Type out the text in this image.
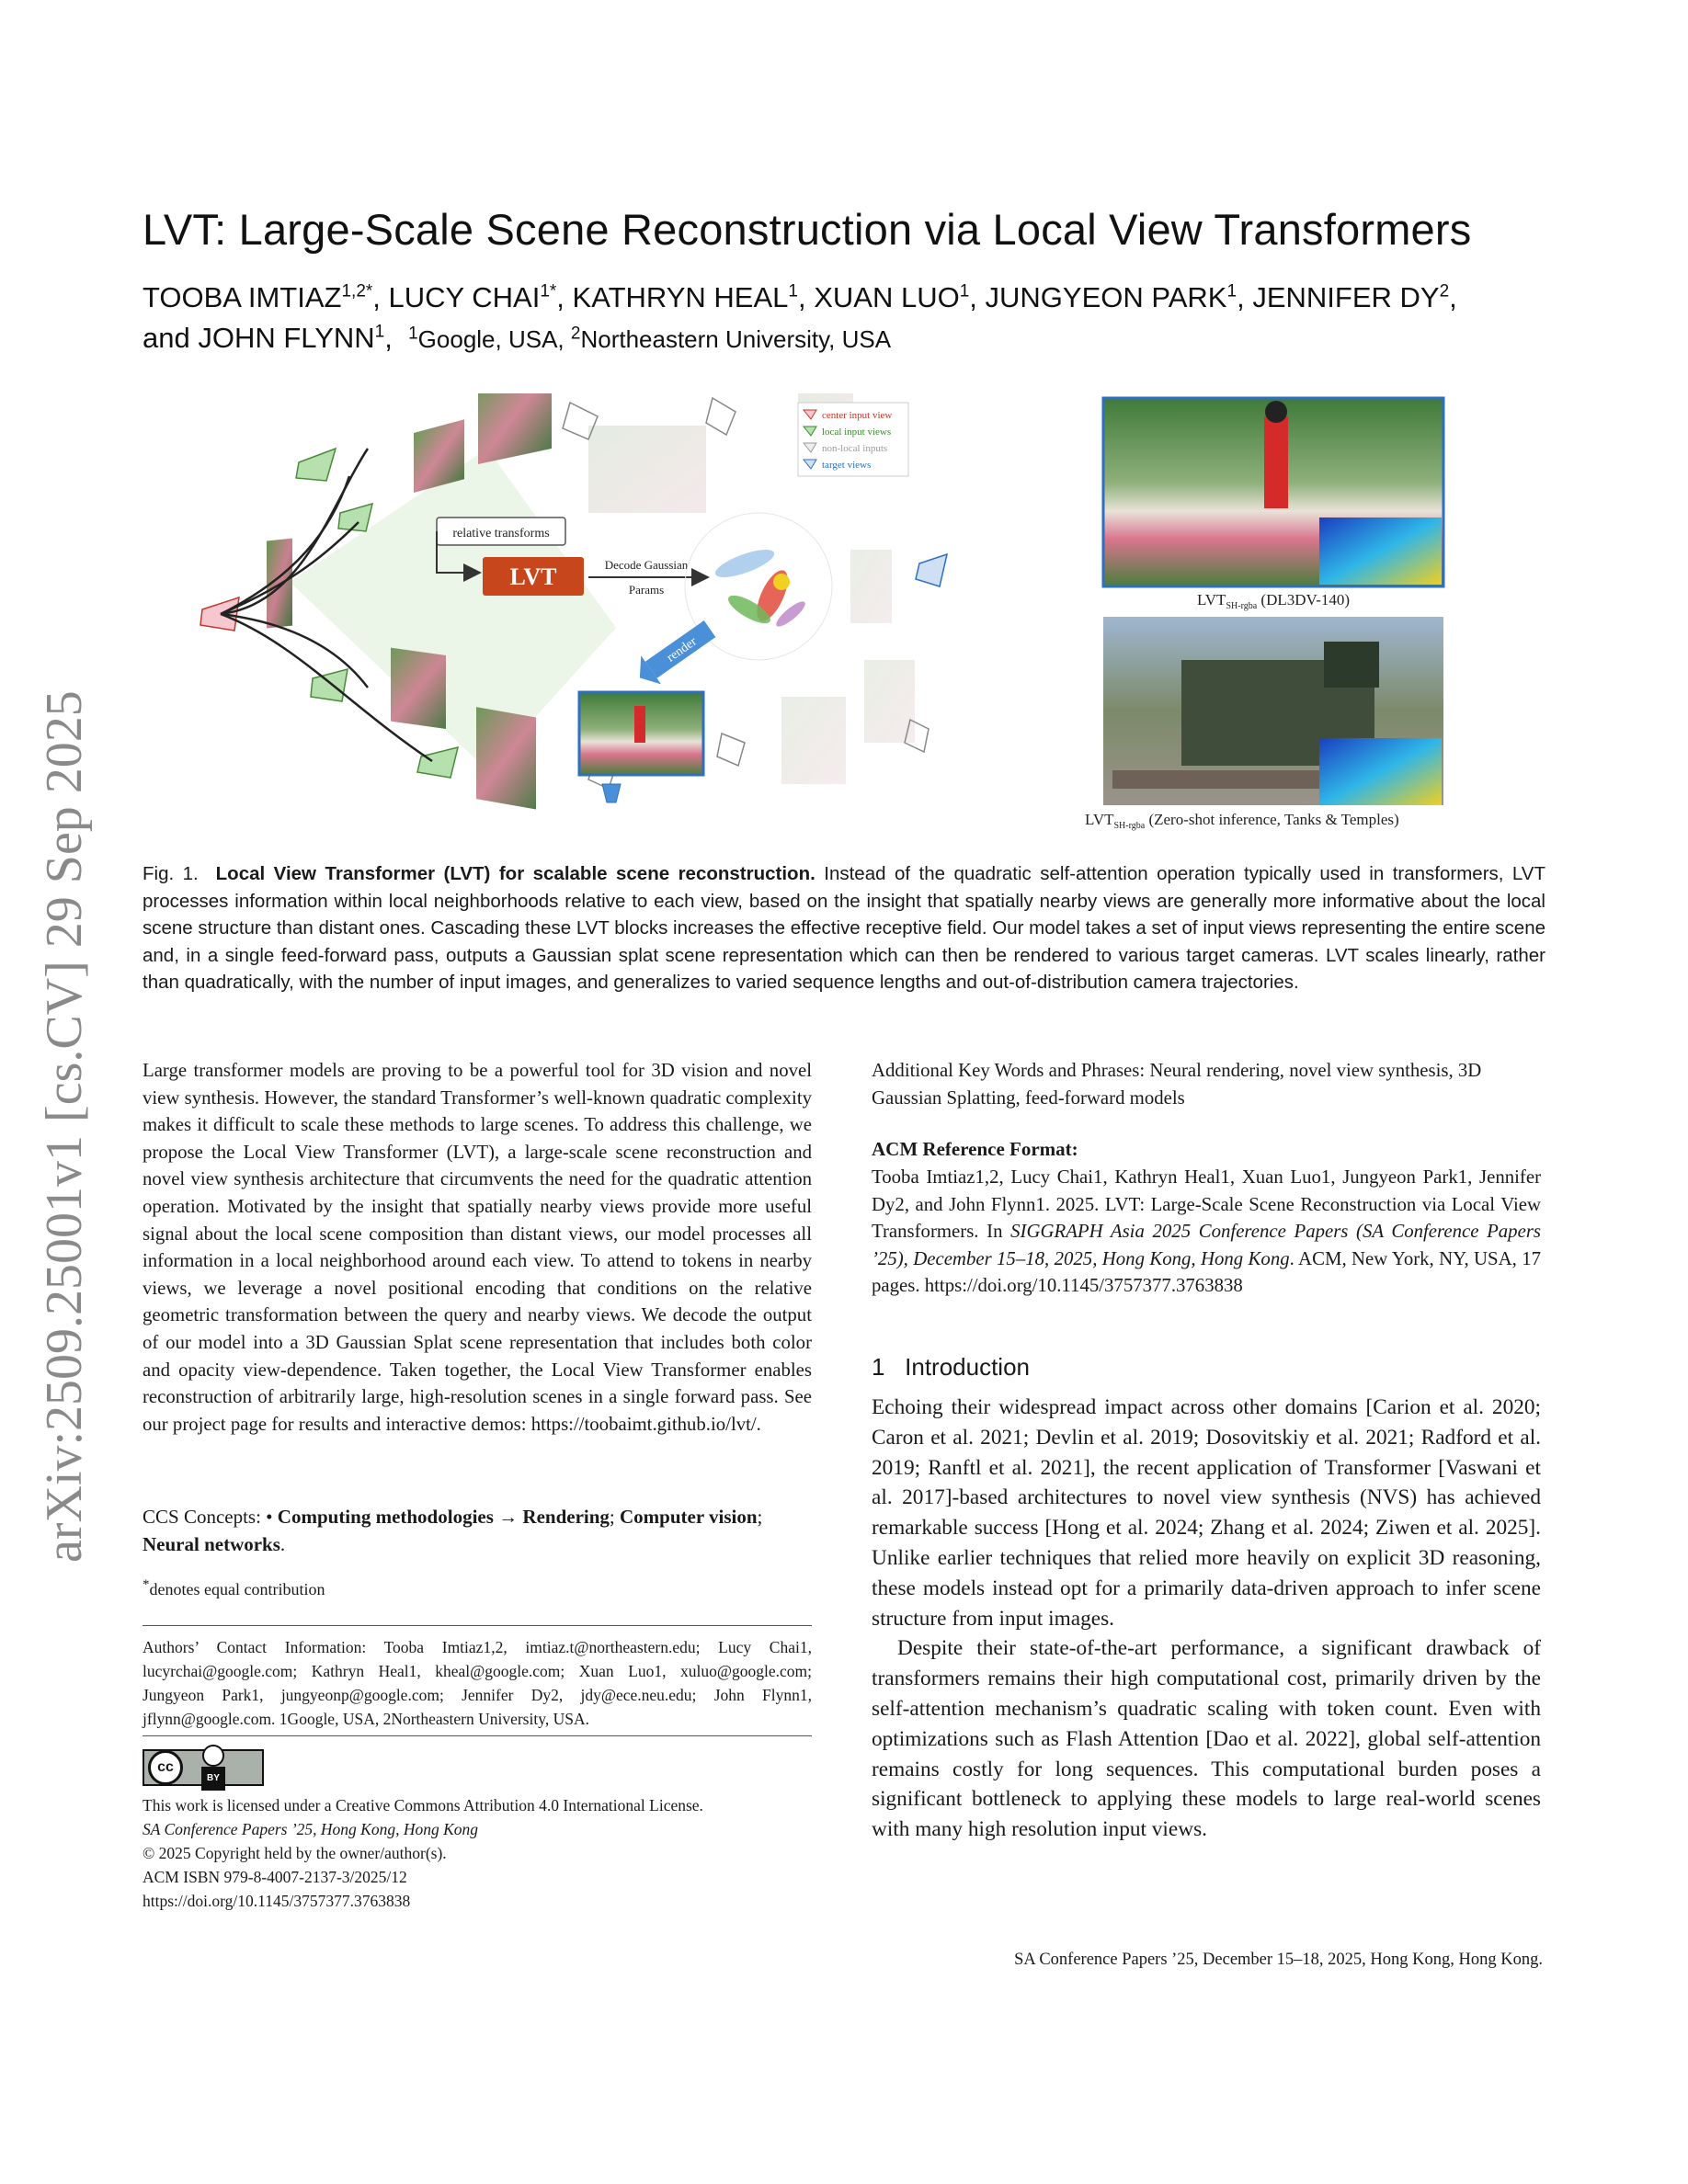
arXiv:2509.25001v1 [cs.CV] 29 Sep 2025
LVT: Large-Scale Scene Reconstruction via Local View Transformers
TOOBA $IMTIAZ^{1,2*}$, LUCY $CHAI^{1*}$, KATHRYN HEAL$^1$, XUAN LUO$^1$, JUNGYEON PARK$^1$, JENNIFER $DY^2$,
and JOHN FLYNN$^1$,  $^1$Google, USA, $^2$Northeastern University, USA
relative transforms
LVT	Decode Gaussian
Params
render
center input view
local input views
non-local inputs
target views
$LVT_{SH-rgba}$ (DL3DV-140)
$LVT_{SH-rgba}$ (Zero-shot inference, Tanks & Temples)
Fig. 1. Local View Transformer (LVT) for scalable scene reconstruction. Instead of the quadratic self-attention operation typically used in transformers, LVT processes information within local neighborhoods relative to each view, based on the insight that spatially nearby views are generally more informative about the local scene structure than distant ones. Cascading these LVT blocks increases the effective receptive field. Our model takes a set of input views representing the entire scene and, in a single feed-forward pass, outputs a Gaussian splat scene representation which can then be rendered to various target cameras. LVT scales linearly, rather than quadratically, with the number of input images, and generalizes to varied sequence lengths and out-of-distribution camera trajectories.
Large transformer models are proving to be a powerful tool for 3D vision and novel view synthesis. However, the standard Transformer’s well-known quadratic complexity makes it difficult to scale these methods to large scenes. To address this challenge, we propose the Local View Transformer (LVT), a large-scale scene reconstruction and novel view synthesis architecture that circumvents the need for the quadratic attention operation. Motivated by the insight that spatially nearby views provide more useful signal about the local scene composition than distant views, our model processes all information in a local neighborhood around each view. To attend to tokens in nearby views, we leverage a novel positional encoding that conditions on the relative geometric transformation between the query and nearby views. We decode the output of our model into a 3D Gaussian Splat scene representation that includes both color and opacity view-dependence. Taken together, the Local View Transformer enables reconstruction of arbitrarily large, high-resolution scenes in a single forward pass. See our project page for results and interactive demos: https://toobaimt.github.io/lvt/.
CCS Concepts: • Computing methodologies → Rendering; Computer vision; Neural networks.
*denotes equal contribution
Authors’ Contact Information: Tooba Imtiaz1,2, imtiaz.t@northeastern.edu; Lucy Chai1, lucyrchai@google.com; Kathryn Heal1, kheal@google.com; Xuan Luo1, xuluo@google.com; Jungyeon Park1, jungyeonp@google.com; Jennifer Dy2, jdy@ece.neu.edu; John Flynn1, jflynn@google.com. 1Google, USA, 2Northeastern University, USA.
cc
BY
This work is licensed under a Creative Commons Attribution 4.0 International License.
SA Conference Papers ’25, Hong Kong, Hong Kong
© 2025 Copyright held by the owner/author(s).
ACM ISBN 979-8-4007-2137-3/2025/12
https://doi.org/10.1145/3757377.3763838
Additional Key Words and Phrases: Neural rendering, novel view synthesis, 3D Gaussian Splatting, feed-forward models
ACM Reference Format:
Tooba Imtiaz1,2, Lucy Chai1, Kathryn Heal1, Xuan Luo1, Jungyeon Park1, Jennifer Dy2, and John Flynn1. 2025. LVT: Large-Scale Scene Reconstruction via Local View Transformers. In SIGGRAPH Asia 2025 Conference Papers (SA Conference Papers ’25), December 15–18, 2025, Hong Kong, Hong Kong. ACM, New York, NY, USA, 17 pages. https://doi.org/10.1145/3757377.3763838
1 Introduction

Echoing their widespread impact across other domains [Carion et al. 2020; Caron et al. 2021; Devlin et al. 2019; Dosovitskiy et al. 2021; Radford et al. 2019; Ranftl et al. 2021], the recent application of Transformer [Vaswani et al. 2017]-based architectures to novel view synthesis (NVS) has achieved remarkable success [Hong et al. 2024; Zhang et al. 2024; Ziwen et al. 2025]. Unlike earlier techniques that relied more heavily on explicit 3D reasoning, these models instead opt for a primarily data-driven approach to infer scene structure from input images.

Despite their state-of-the-art performance, a significant drawback of transformers remains their high computational cost, primarily driven by the self-attention mechanism’s quadratic scaling with token count. Even with optimizations such as Flash Attention [Dao et al. 2022], global self-attention remains costly for long sequences. This computational burden poses a significant bottleneck to applying these models to large real-world scenes with many high resolution input views.

SA Conference Papers ’25, December 15–18, 2025, Hong Kong, Hong Kong.
